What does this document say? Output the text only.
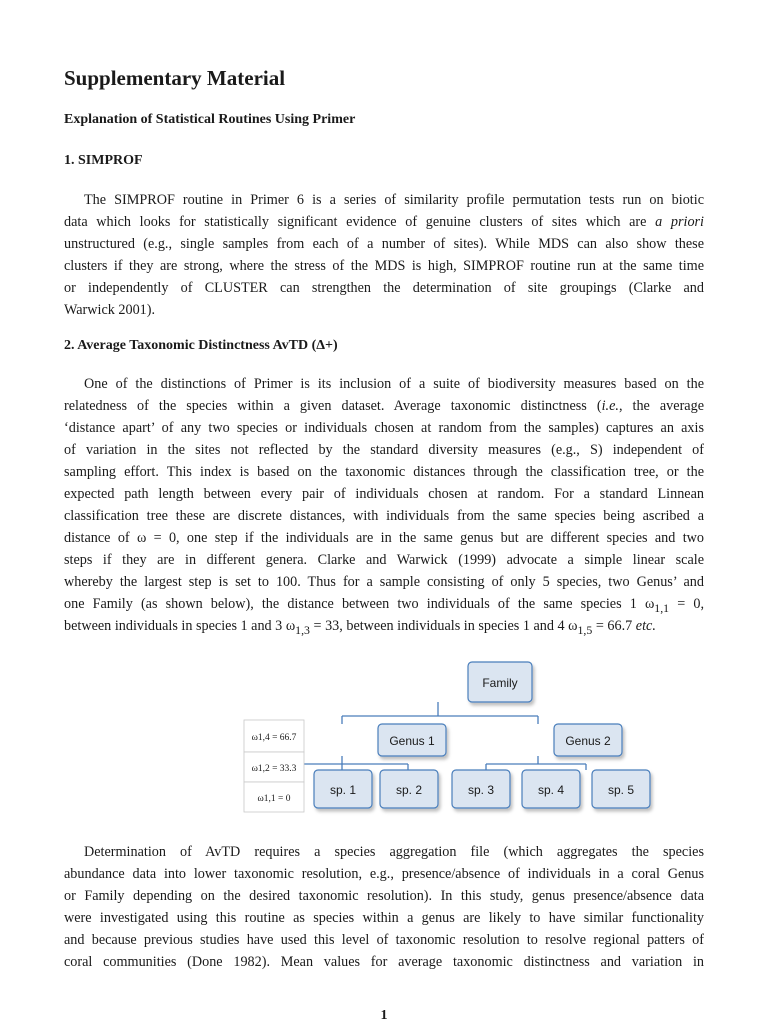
Supplementary Material
Explanation of Statistical Routines Using Primer
1. SIMPROF
The SIMPROF routine in Primer 6 is a series of similarity profile permutation tests run on biotic
data which looks for statistically significant evidence of genuine clusters of sites which are a priori
unstructured (e.g., single samples from each of a number of sites). While MDS can also show these
clusters if they are strong, where the stress of the MDS is high, SIMPROF routine run at the same time
or independently of CLUSTER can strengthen the determination of site groupings (Clarke and
Warwick 2001).
2. Average Taxonomic Distinctness AvTD (Δ+)
One of the distinctions of Primer is its inclusion of a suite of biodiversity measures based on the
relatedness of the species within a given dataset. Average taxonomic distinctness (i.e., the average
‘distance apart’ of any two species or individuals chosen at random from the samples) captures an axis
of variation in the sites not reflected by the standard diversity measures (e.g., S) independent of
sampling effort. This index is based on the taxonomic distances through the classification tree, or the
expected path length between every pair of individuals chosen at random. For a standard Linnean
classification tree these are discrete distances, with individuals from the same species being ascribed a
distance of ω = 0, one step if the individuals are in the same genus but are different species and two
steps if they are in different genera. Clarke and Warwick (1999) advocate a simple linear scale
whereby the largest step is set to 100. Thus for a sample consisting of only 5 species, two Genus’ and
one Family (as shown below), the distance between two individuals of the same species 1 $\omega_{1,1} = 0$,
between individuals in species 1 and 3 $\omega_{1,3} = 33$, between individuals in species 1 and 4 $\omega_{1,5} = 66.7$ etc.
Family
Genus 1	Genus 2
sp. 1	sp. 2	sp. 3	sp. 4	sp. 5
ω1,4 = 66.7
ω1,2 = 33.3
ω1,1 = 0
Determination of AvTD requires a species aggregation file (which aggregates the species
abundance data into lower taxonomic resolution, e.g., presence/absence of individuals in a coral Genus
or Family depending on the desired taxonomic resolution). In this study, genus presence/absence data
were investigated using this routine as species within a genus are likely to have similar functionality
and because previous studies have used this level of taxonomic resolution to resolve regional patters of
coral communities (Done 1982). Mean values for average taxonomic distinctness and variation in
1
